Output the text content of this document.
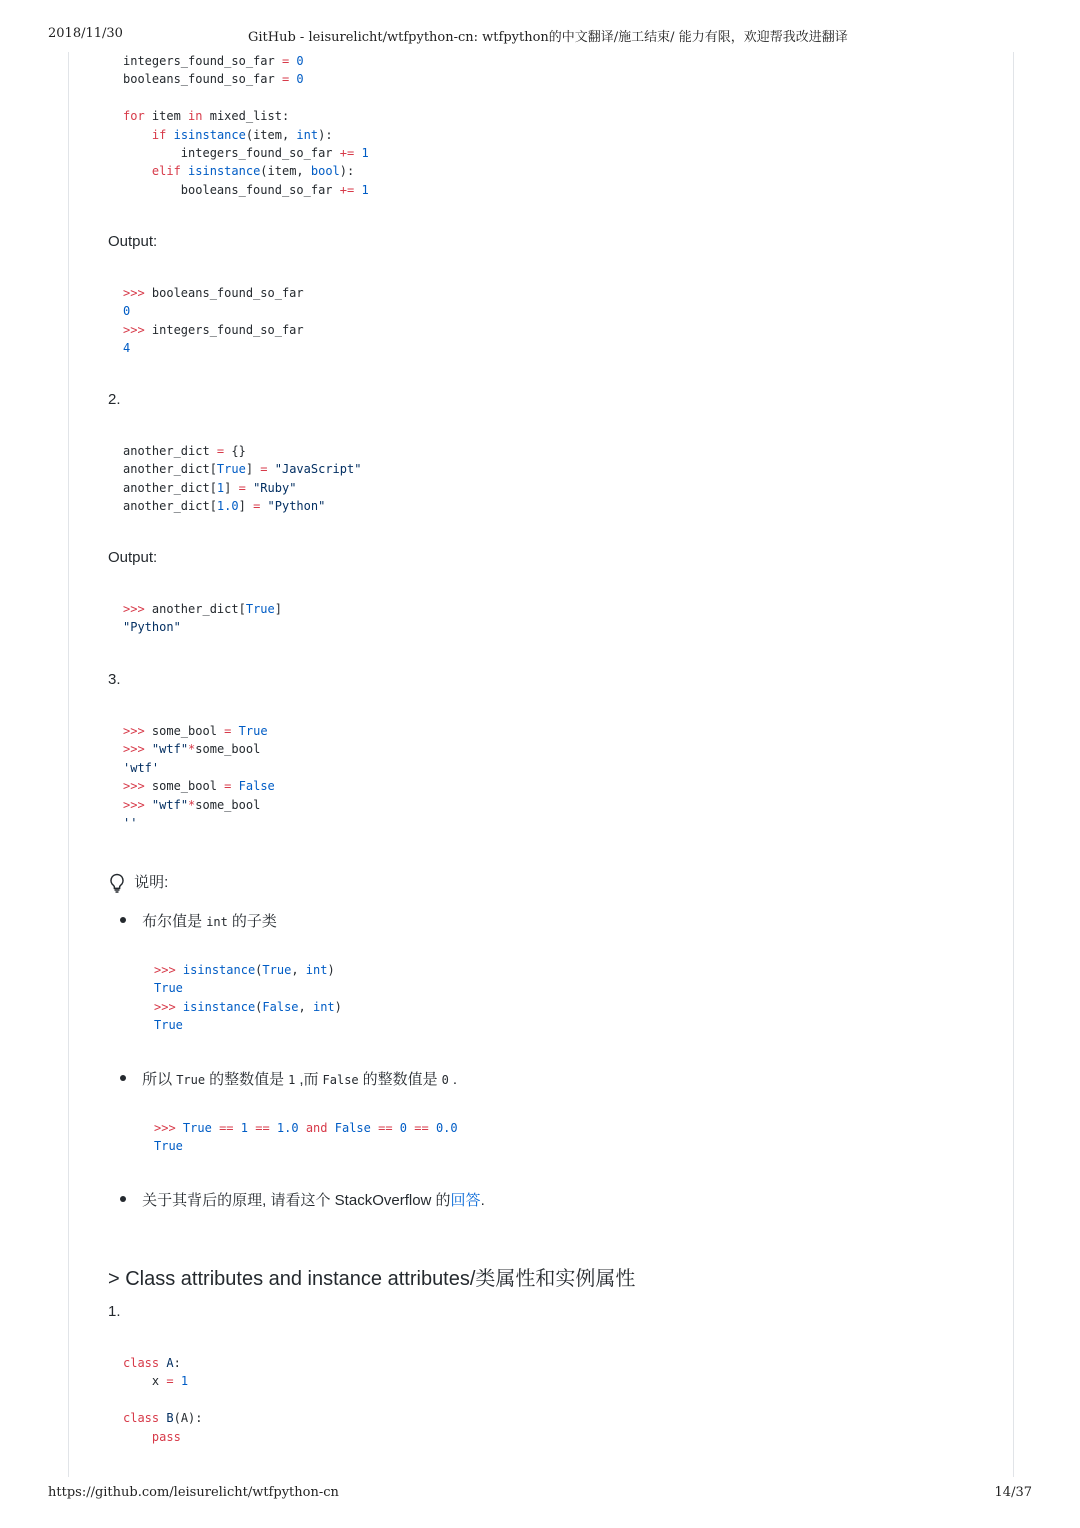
2018/11/30	GitHub - leisurelicht/wtfpython-cn: wtfpython的中文翻译/施工结束/ 能力有限，欢迎帮我改进翻译
integers_found_so_far = 0
booleans_found_so_far = 0

for item in mixed_list:
if isinstance(item, int):
integers_found_so_far += 1
elif isinstance(item, bool):
booleans_found_so_far += 1
Output:
>>> booleans_found_so_far
0
>>> integers_found_so_far
4
2.
another_dict = {}
another_dict[True] = "JavaScript"
another_dict[1] = "Ruby"
another_dict[1.0] = "Python"
Output:
>>> another_dict[True]
"Python"
3.
>>> some_bool = True
>>> "wtf"*some_bool
'wtf'
>>> some_bool = False
>>> "wtf"*some_bool
''
说明:
布尔值是 int 的子类
>>> isinstance(True, int)
True
>>> isinstance(False, int)
True
所以 True 的整数值是 1 ,而 False 的整数值是 0 .
>>> True == 1 == 1.0 and False == 0 == 0.0
True
关于其背后的原理, 请看这个 StackOverflow 的回答.
> Class attributes and instance attributes/类属性和实例属性
1.
class A:
x = 1

class B(A):
pass
https://github.com/leisurelicht/wtfpython-cn	14/37
